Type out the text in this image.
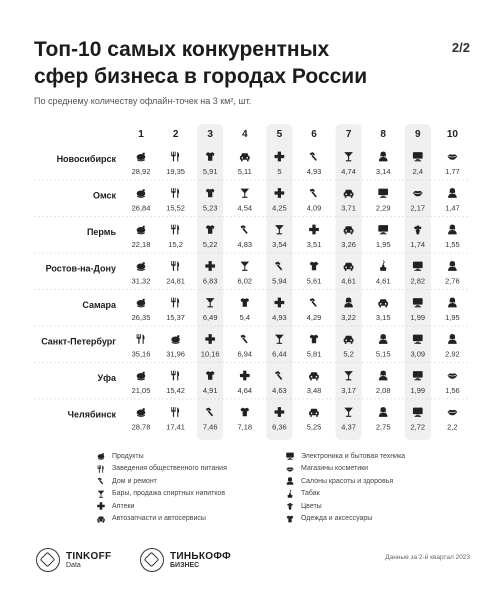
Топ-10 самых конкурентных
сфер бизнеса в городах России
2/2
По среднему количеству офлайн-точек на 3 км², шт.
1	2	3	4	5	6	7	8	9	10
Новосибирск
28,92 19,35 5,91	5,11	5	4,93	4,74	3,14	2,4	1,77
Омск
26,84 15,52 5,23	4,54	4,25	4,09	3,71	2,29	2,17	1,47
Пермь
22,18 15,2	5,22	4,83	3,54	3,51	3,26	1,95	1,74	1,55
Ростов-на-Дону
31,32 24,81 6,83	6,02	5,94	5,61	4,61	4,61	2,82	2,76
Самара
26,35 15,37 6,49	5,4	4,93	4,29	3,22	3,15	1,99	1,95
Санкт-Петербург
35,16 31,96 10,16 6,94	6,44	5,81	5,2	5,15	3,09	2,92
Уфа
21,05 15,42 4,91	4,64	4,63	3,48	3,17	2,08	1,99	1,56
Челябинск
28,78 17,41 7,46	7,18	6,36	5,25	4,37	2,75	2,72	2,2
Продукты
Заведения общественного питания
Дом и ремонт
Бары, продажа спиртных напитков
Аптеки
Автозапчасти и автосервисы
Электроника и бытовая техника
Магазины косметики
Салоны красоты и здоровья
Табак
Цветы
Одежда и аксессуары
TINKOFF
Data
ТИНЬКОФФ
БИЗНЕС
Данные за 2-й квартал 2023
